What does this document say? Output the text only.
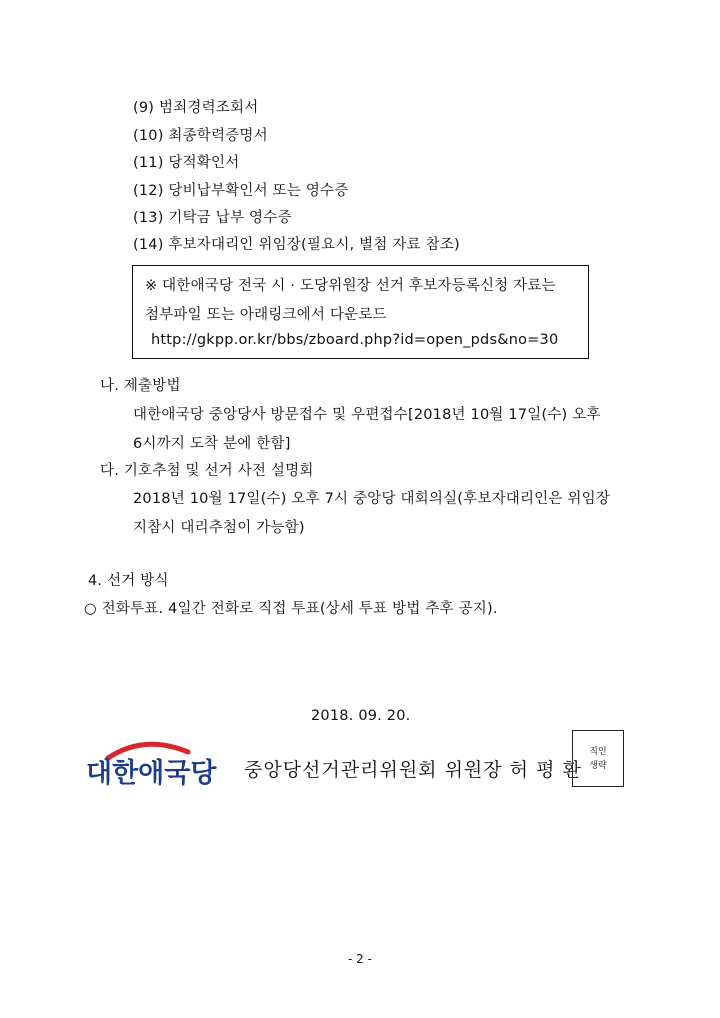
(9) 범죄경력조회서
(10) 최종학력증명서
(11) 당적확인서
(12) 당비납부확인서 또는 영수증
(13) 기탁금 납부 영수증
(14) 후보자대리인 위임장(필요시, 별첨 자료 참조)
※ 대한애국당 전국 시 · 도당위원장 선거 후보자등록신청 자료는
첨부파일 또는 아래링크에서 다운로드
http://gkpp.or.kr/bbs/zboard.php?id=open_pds&no=30
나. 제출방법
대한애국당 중앙당사 방문접수 및 우편접수[2018년 10월 17일(수) 오후
6시까지 도착 분에 한함]
다. 기호추첨 및 선거 사전 설명회
2018년 10월 17일(수) 오후 7시 중앙당 대회의실(후보자대리인은 위임장
지참시 대리추첨이 가능함)
4. 선거 방식
○ 전화투표. 4일간 전화로 직접 투표(상세 투표 방법 추후 공지).
2018. 09. 20.
대한애국당 중앙당선거관리위원회 위원장 허 평 환
직인
생략
- 2 -
